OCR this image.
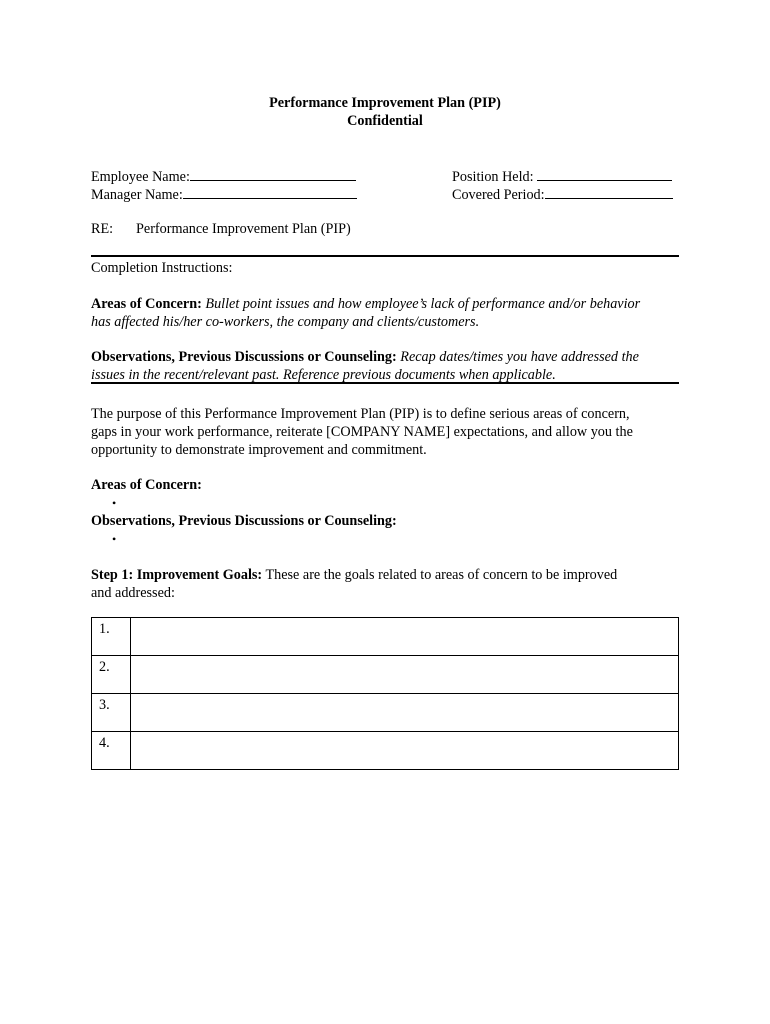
Performance Improvement Plan (PIP)
Confidential
Employee Name:
Manager Name:
Position Held:
Covered Period:
RE: Performance Improvement Plan (PIP)
Completion Instructions:
Areas of Concern: Bullet point issues and how employee’s lack of performance and/or behavior
has affected his/her co-workers, the company and clients/customers.
Observations, Previous Discussions or Counseling: Recap dates/times you have addressed the
issues in the recent/relevant past. Reference previous documents when applicable.
The purpose of this Performance Improvement Plan (PIP) is to define serious areas of concern,
gaps in your work performance, reiterate [COMPANY NAME] expectations, and allow you the
opportunity to demonstrate improvement and commitment.
Areas of Concern:
•
Observations, Previous Discussions or Counseling:
•
Step 1: Improvement Goals: These are the goals related to areas of concern to be improved
and addressed:
1.	
2.	
3.	
4.	
